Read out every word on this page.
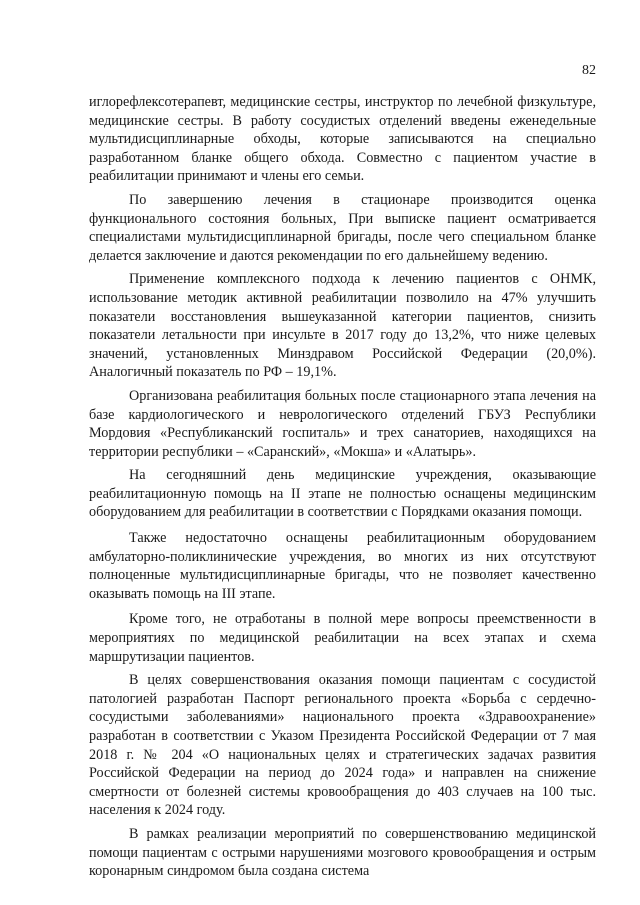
82

иглорефлексотерапевт, медицинские сестры, инструктор по лечебной физкультуре, медицинские сестры. В работу сосудистых отделений введены еженедельные мультидисциплинарные обходы, которые записываются на специально разработанном бланке общего обхода. Совместно с пациентом участие в реабилитации принимают и члены его семьи.

По завершению лечения в стационаре производится оценка функционального состояния больных, При выписке пациент осматривается специалистами мультидисциплинарной бригады, после чего специальном бланке делается заключение и даются рекомендации по его дальнейшему ведению.

Применение комплексного подхода к лечению пациентов с ОНМК, использование методик активной реабилитации позволило на 47% улучшить показатели восстановления вышеуказанной категории пациентов, снизить показатели летальности при инсульте в 2017 году до 13,2%, что ниже целевых значений, установленных Минздравом Российской Федерации (20,0%). Аналогичный показатель по РФ – 19,1%.

Организована реабилитация больных после стационарного этапа лечения на базе кардиологического и неврологического отделений ГБУЗ Республики Мордовия «Республиканский госпиталь» и трех санаториев, находящихся на территории республики – «Саранский», «Мокша» и «Алатырь».

На сегодняшний день медицинские учреждения, оказывающие реабилитационную помощь на II этапе не полностью оснащены медицинским оборудованием для реабилитации в соответствии с Порядками оказания помощи.

Также недостаточно оснащены реабилитационным оборудованием амбулаторно-поликлинические учреждения, во многих из них отсутствуют полноценные мультидисциплинарные бригады, что не позволяет качественно оказывать помощь на III этапе.

Кроме того, не отработаны в полной мере вопросы преемственности в мероприятиях по медицинской реабилитации на всех этапах и схема маршрутизации пациентов.

В целях совершенствования оказания помощи пациентам с сосудистой патологией разработан Паспорт регионального проекта «Борьба с сердечно-сосудистыми заболеваниями» национального проекта «Здравоохранение» разработан в соответствии с Указом Президента Российской Федерации от 7 мая 2018 г. № 204 «О национальных целях и стратегических задачах развития Российской Федерации на период до 2024 года» и направлен на снижение смертности от болезней системы кровообращения до 403 случаев на 100 тыс. населения к 2024 году.

В рамках реализации мероприятий по совершенствованию медицинской помощи пациентам с острыми нарушениями мозгового кровообращения и острым коронарным синдромом была создана система
